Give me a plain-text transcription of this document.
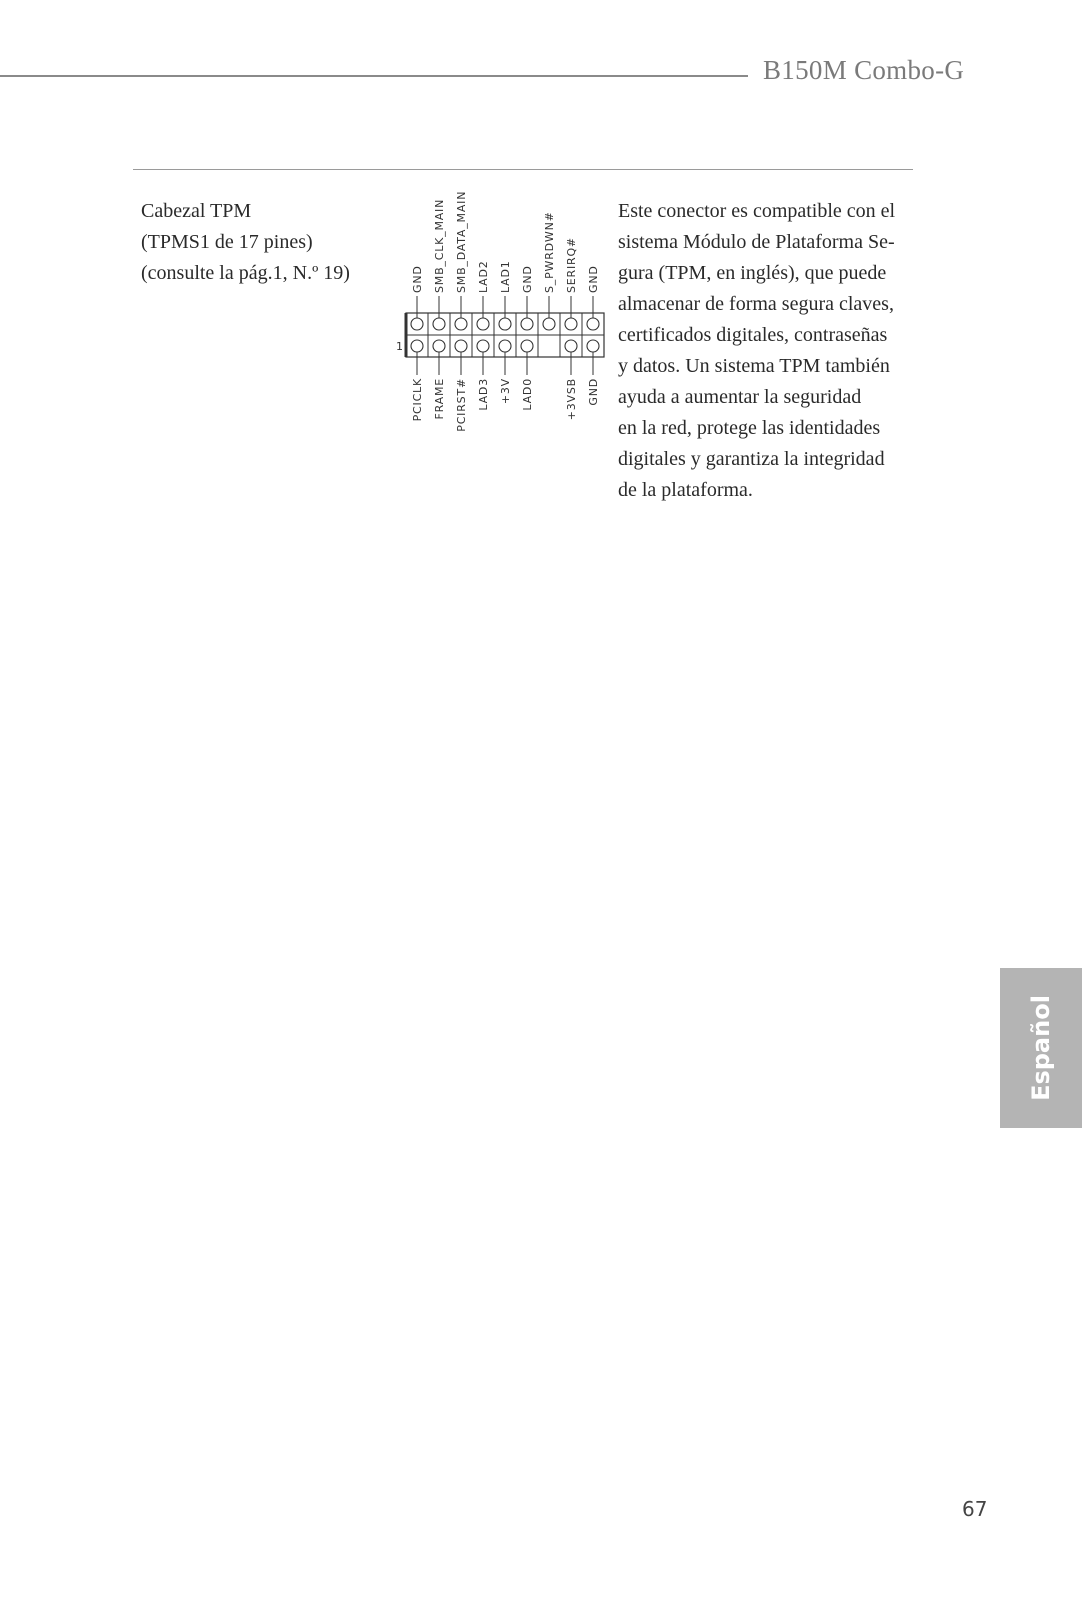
B150M Combo-G
Cabezal TPM
(TPMS1 de 17 pines)
(consulte la pág.1, N.º 19)
1
GND
PCICLK
SMB_CLK_MAIN
FRAME
SMB_DATA_MAIN
PCIRST#
LAD2
LAD3
LAD1
+3V
GND
LAD0
S_PWRDWN# SERIRQ#
+3VSB
GND
GND
Este conector es compatible con el
sistema Módulo de Plataforma Se-
gura (TPM, en inglés), que puede
almacenar de forma segura claves,
certificados digitales, contraseñas
y datos. Un sistema TPM también
ayuda a aumentar la seguridad
en la red, protege las identidades
digitales y garantiza la integridad
de la plataforma.
Español
67
